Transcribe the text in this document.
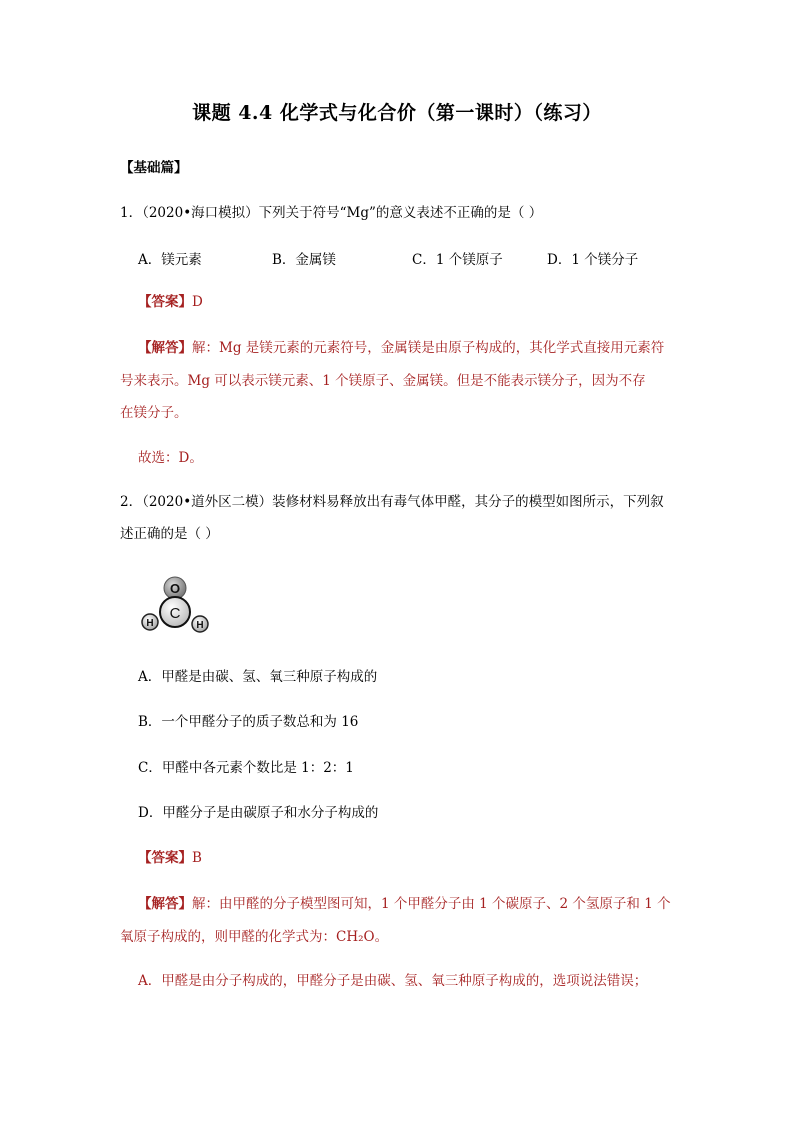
课题 4.4 化学式与化合价（第一课时）（练习）
【基础篇】
1．（2020•海口模拟）下列关于符号“Mg”的意义表述不正确的是（ ）
A．镁元素	B．金属镁	C．1 个镁原子	D．1 个镁分子
【答案】D
【解答】解：Mg 是镁元素的元素符号，金属镁是由原子构成的，其化学式直接用元素符
号来表示。Mg 可以表示镁元素、1 个镁原子、金属镁。但是不能表示镁分子，因为不存
在镁分子。
故选：D。
2．（2020•道外区二模）装修材料易释放出有毒气体甲醛，其分子的模型如图所示，下列叙
述正确的是（ ）
O
H	H
C
A．甲醛是由碳、氢、氧三种原子构成的
B．一个甲醛分子的质子数总和为 16
C．甲醛中各元素个数比是 1：2：1
D．甲醛分子是由碳原子和水分子构成的
【答案】B
【解答】解：由甲醛的分子模型图可知，1 个甲醛分子由 1 个碳原子、2 个氢原子和 1 个
氧原子构成的，则甲醛的化学式为：CH₂O。
A．甲醛是由分子构成的，甲醛分子是由碳、氢、氧三种原子构成的，选项说法错误；
